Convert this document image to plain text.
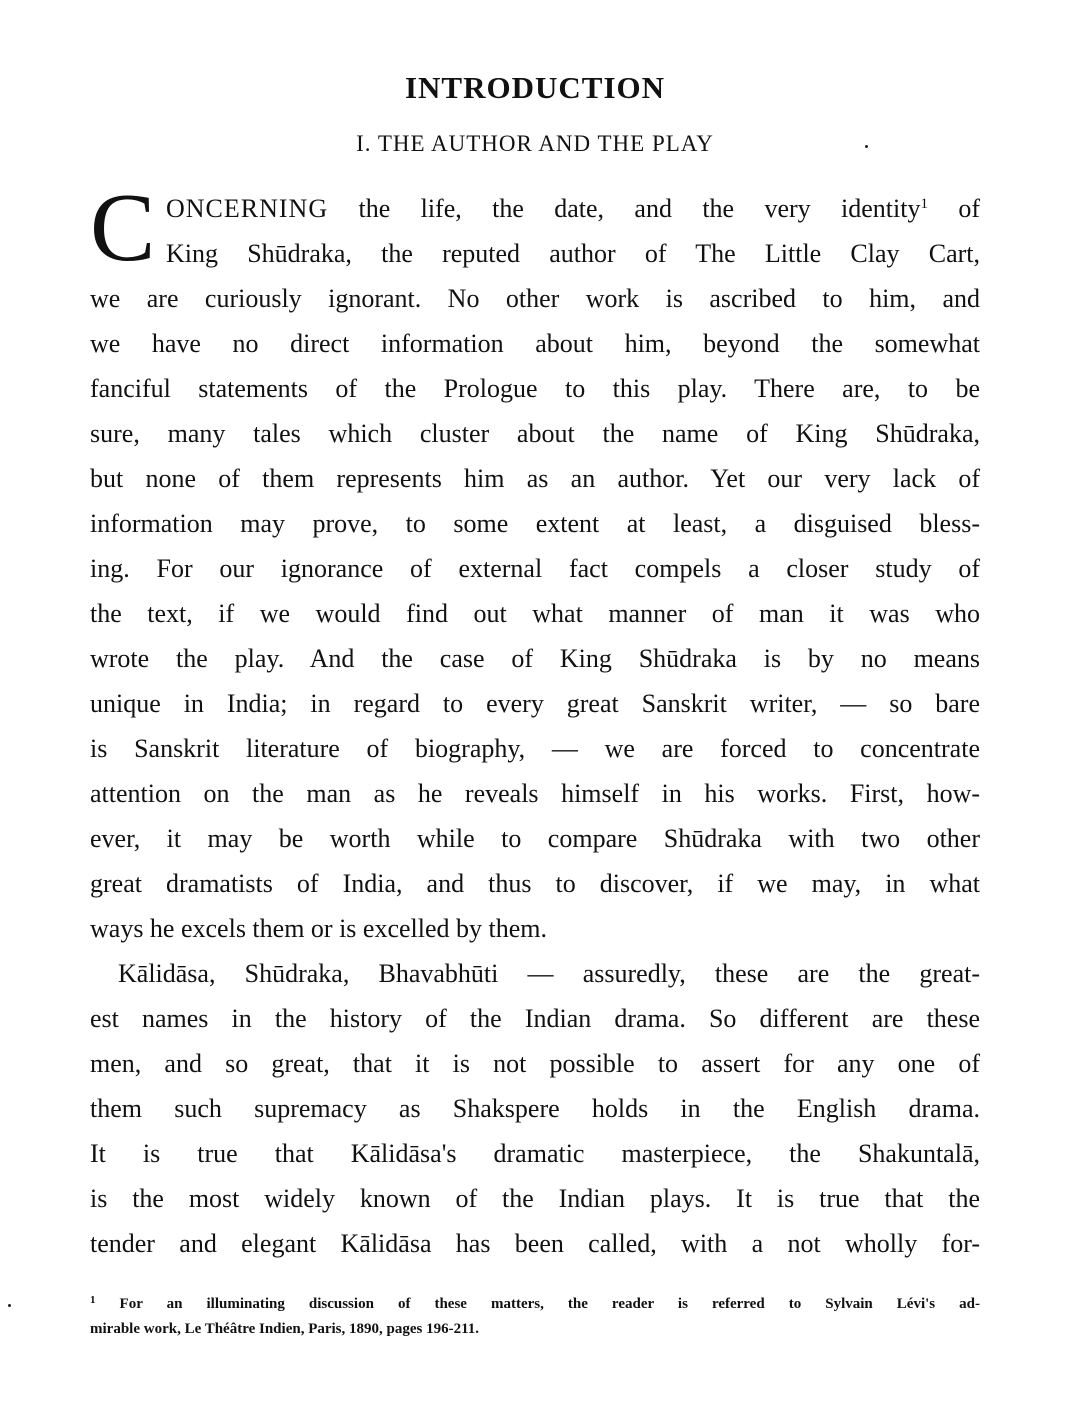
INTRODUCTION
I. THE AUTHOR AND THE PLAY
C ONCERNING the life, the date, and the very identity$^1$ of
King Shūdraka, the reputed author of The Little Clay Cart,
we are curiously ignorant. No other work is ascribed to him, and
we have no direct information about him, beyond the somewhat
fanciful statements of the Prologue to this play. There are, to be
sure, many tales which cluster about the name of King Shūdraka,
but none of them represents him as an author. Yet our very lack of
information may prove, to some extent at least, a disguised bless-
ing. For our ignorance of external fact compels a closer study of
the text, if we would find out what manner of man it was who
wrote the play. And the case of King Shūdraka is by no means
unique in India; in regard to every great Sanskrit writer, — so bare
is Sanskrit literature of biography, — we are forced to concentrate
attention on the man as he reveals himself in his works. First, how-
ever, it may be worth while to compare Shūdraka with two other
great dramatists of India, and thus to discover, if we may, in what
ways he excels them or is excelled by them.
Kālidāsa, Shūdraka, Bhavabhūti — assuredly, these are the great-
est names in the history of the Indian drama. So different are these
men, and so great, that it is not possible to assert for any one of
them such supremacy as Shakspere holds in the English drama.
It is true that Kālidāsa's dramatic masterpiece, the Shakuntalā,
is the most widely known of the Indian plays. It is true that the
tender and elegant Kālidāsa has been called, with a not wholly for-
$^1$ For an illuminating discussion of these matters, the reader is referred to Sylvain Lévi's ad-
mirable work, Le Théâtre Indien, Paris, 1890, pages 196-211.
